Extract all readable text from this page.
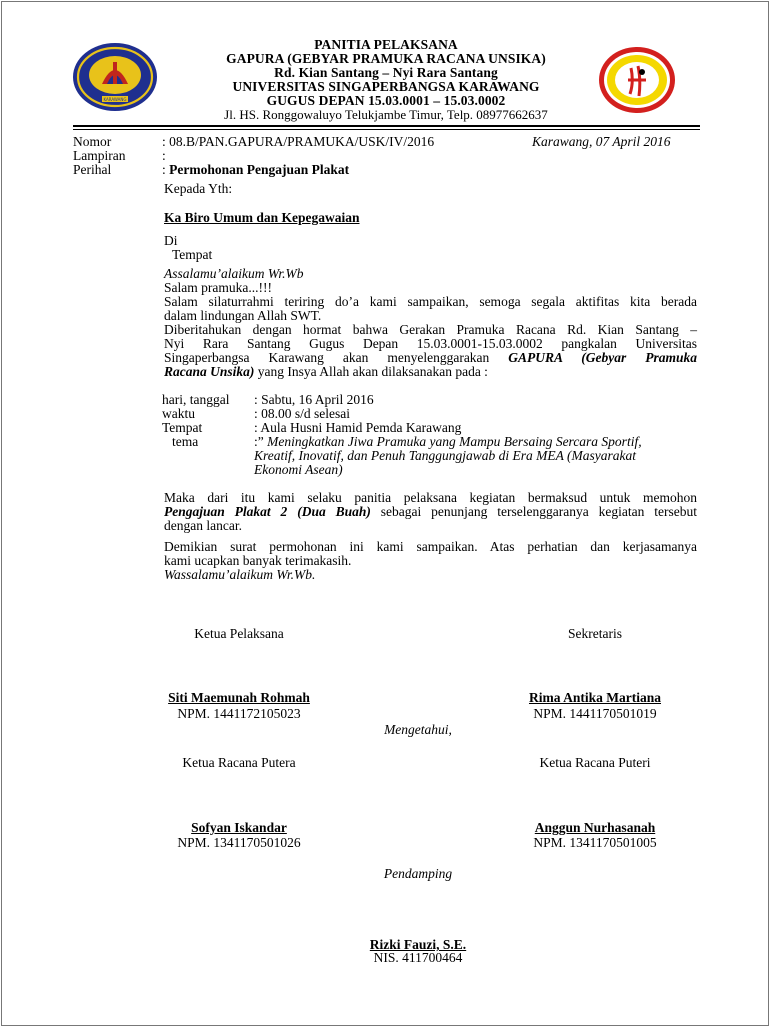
KARAWANG
PANITIA PELAKSANA
GAPURA (GEBYAR PRAMUKA RACANA UNSIKA)
Rd. Kian Santang – Nyi Rara Santang
UNIVERSITAS SINGAPERBANGSA KARAWANG
GUGUS DEPAN 15.03.0001 – 15.03.0002
Jl. HS. Ronggowaluyo Telukjambe Timur, Telp. 08977662637
Nomor	: 08.B/PAN.GAPURA/PRAMUKA/USK/IV/2016	Karawang, 07 April 2016
Lampiran	:
Perihal	: Permohonan Pengajuan Plakat
Kepada Yth:
Ka Biro Umum dan Kepegawaian
Di
Tempat
Assalamu’alaikum Wr.Wb
Salam pramuka...!!!
Salam silaturrahmi teriring do’a kami sampaikan, semoga segala aktifitas kita berada
dalam lindungan Allah SWT.
Diberitahukan dengan hormat bahwa Gerakan Pramuka Racana Rd. Kian Santang –
Nyi Rara Santang Gugus Depan 15.03.0001-15.03.0002 pangkalan Universitas
Singaperbangsa Karawang akan menyelenggarakan GAPURA (Gebyar Pramuka
Racana Unsika) yang Insya Allah akan dilaksanakan pada :
hari, tanggal : Sabtu, 16 April 2016
waktu	: 08.00 s/d selesai
Tempat	: Aula Husni Hamid Pemda Karawang
tema	:” Meningkatkan Jiwa Pramuka yang Mampu Bersaing Sercara Sportif,
Kreatif, Inovatif, dan Penuh Tanggungjawab di Era MEA (Masyarakat
Ekonomi Asean)
Maka dari itu kami selaku panitia pelaksana kegiatan bermaksud untuk memohon
Pengajuan Plakat 2 (Dua Buah) sebagai penunjang terselenggaranya kegiatan tersebut
dengan lancar.
Demikian surat permohonan ini kami sampaikan. Atas perhatian dan kerjasamanya
kami ucapkan banyak terimakasih.
Wassalamu’alaikum Wr.Wb.
Ketua Pelaksana	Sekretaris
Siti Maemunah Rohmah	Rima Antika Martiana
NPM. 1441172105023	NPM. 1441170501019
Mengetahui,
Ketua Racana Putera	Ketua Racana Puteri
Sofyan Iskandar	Anggun Nurhasanah
NPM. 1341170501026	NPM. 1341170501005
Pendamping
Rizki Fauzi, S.E.
NIS. 411700464
